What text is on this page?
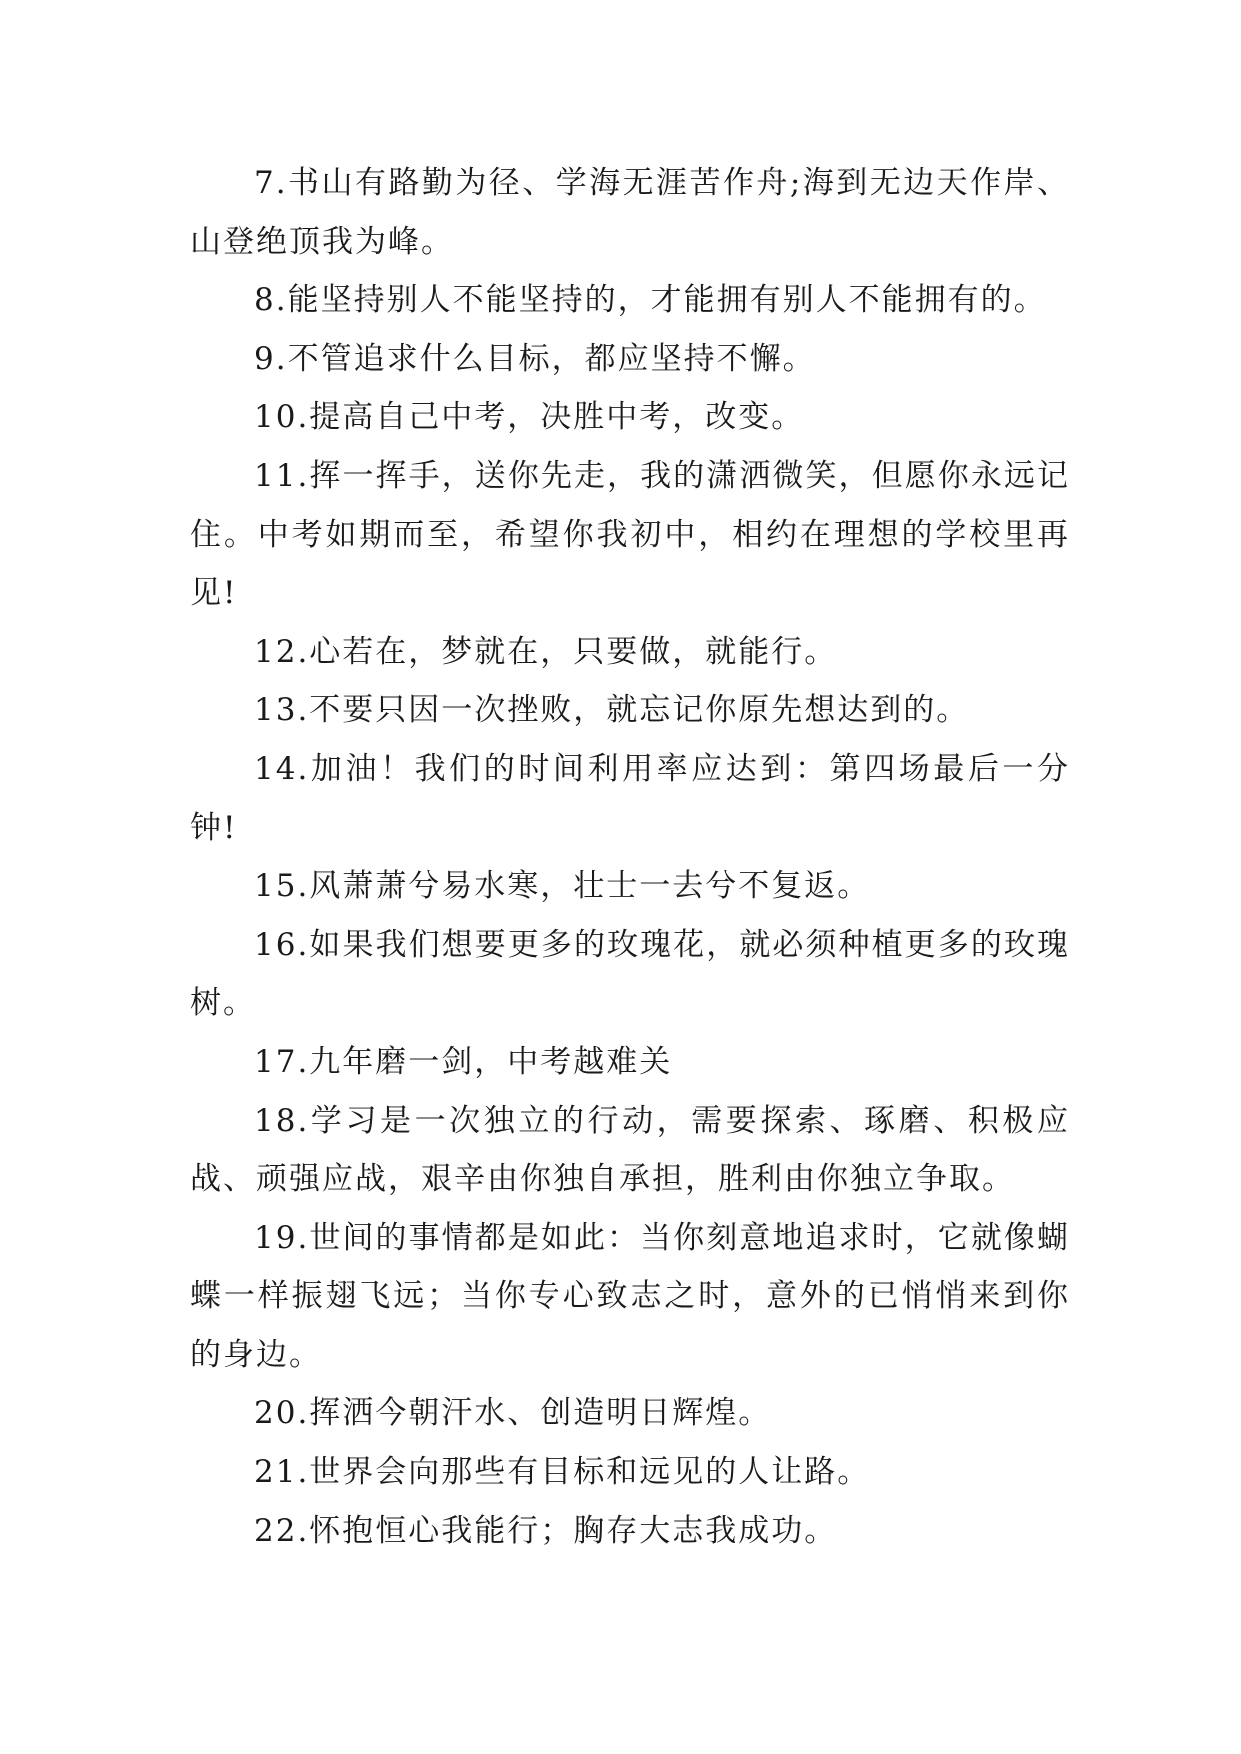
7.书山有路勤为径、学海无涯苦作舟;海到无边天作岸、山登绝顶我为峰。

8.能坚持别人不能坚持的，才能拥有别人不能拥有的。

9.不管追求什么目标，都应坚持不懈。

10.提高自己中考，决胜中考，改变。

11.挥一挥手，送你先走，我的潇洒微笑，但愿你永远记住。中考如期而至，希望你我初中，相约在理想的学校里再见!

12.心若在，梦就在，只要做，就能行。

13.不要只因一次挫败，就忘记你原先想达到的。

14.加油！我们的时间利用率应达到：第四场最后一分钟!

15.风萧萧兮易水寒，壮士一去兮不复返。

16.如果我们想要更多的玫瑰花，就必须种植更多的玫瑰树。

17.九年磨一剑，中考越难关

18.学习是一次独立的行动，需要探索、琢磨、积极应战、顽强应战，艰辛由你独自承担，胜利由你独立争取。

19.世间的事情都是如此：当你刻意地追求时，它就像蝴蝶一样振翅飞远；当你专心致志之时，意外的已悄悄来到你的身边。

20.挥洒今朝汗水、创造明日辉煌。

21.世界会向那些有目标和远见的人让路。

22.怀抱恒心我能行；胸存大志我成功。
